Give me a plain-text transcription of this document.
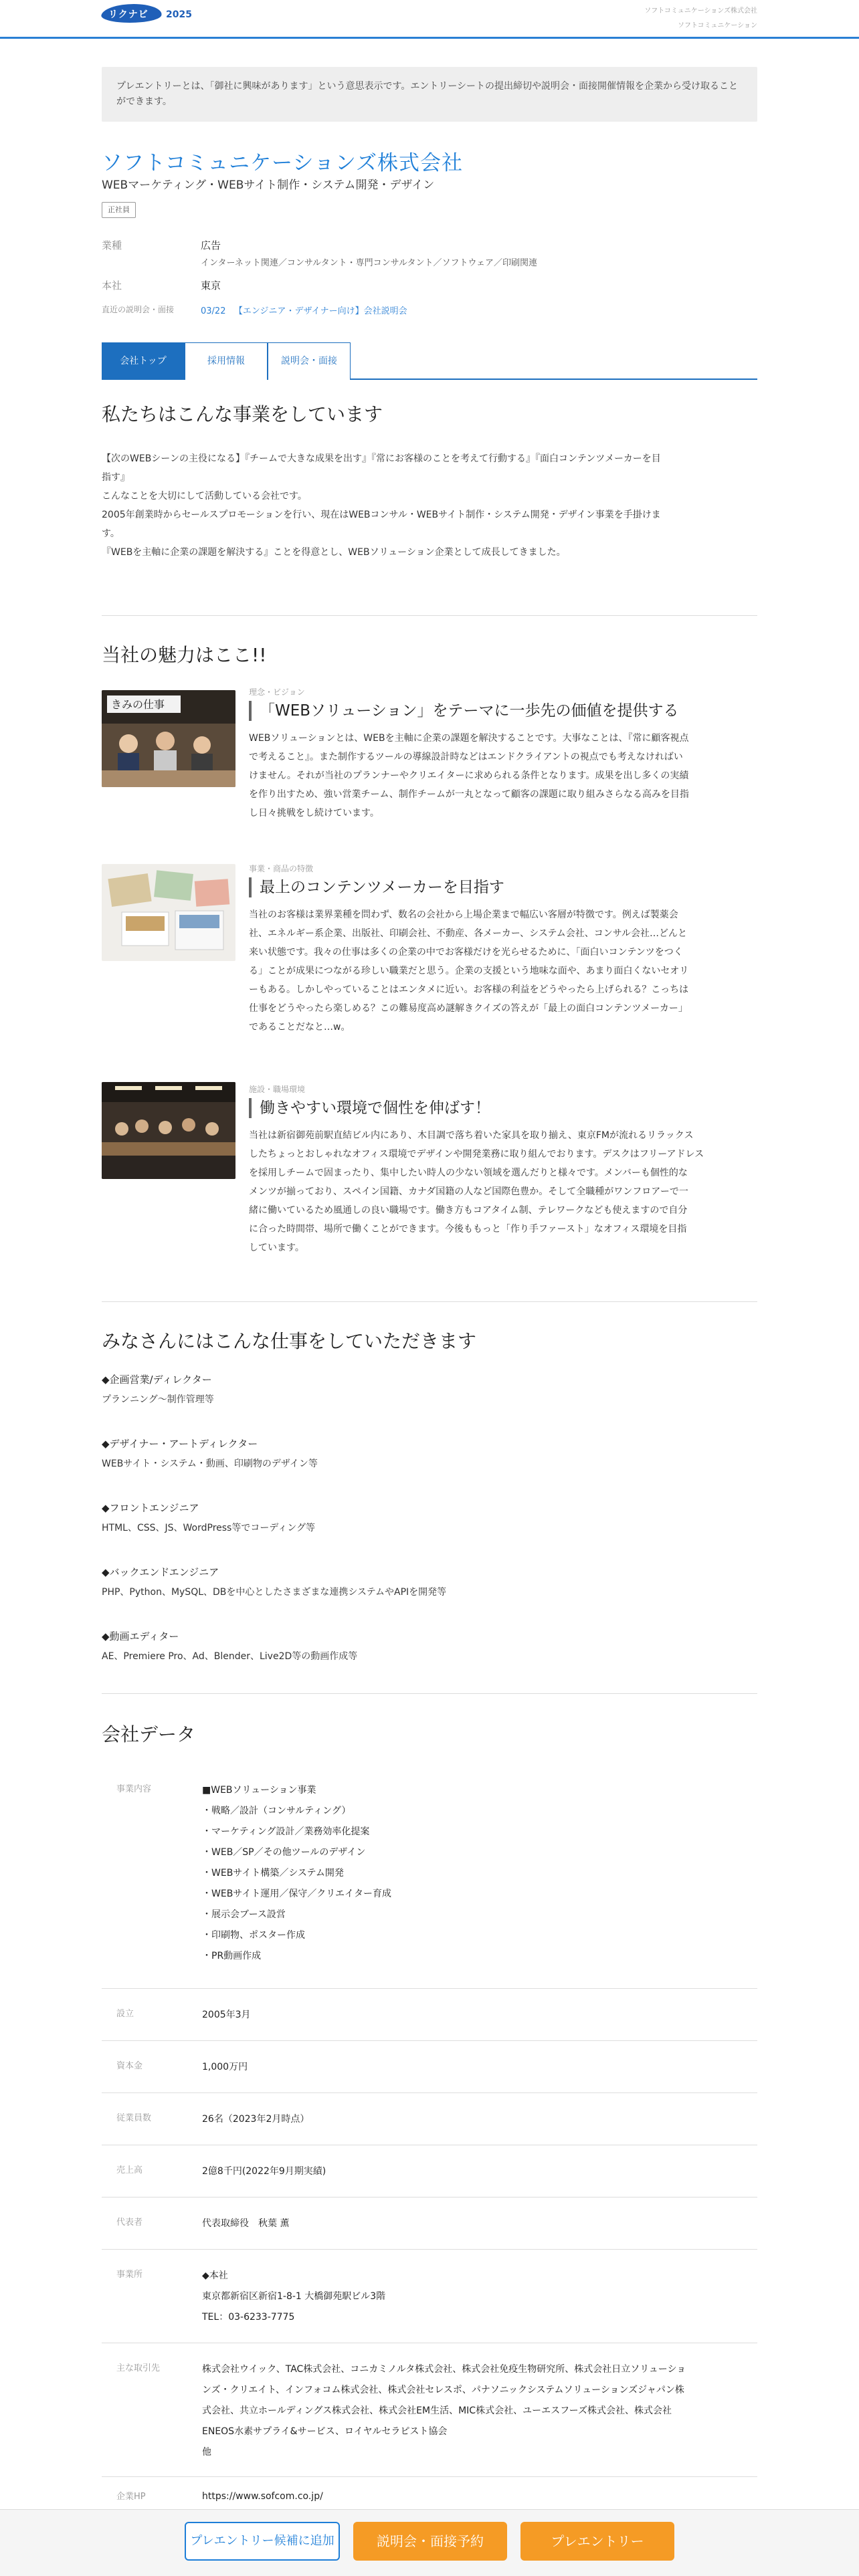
リクナビ 2025	ソフトコミュニケーションズ株式会社
ソフトコミュニケーション
プレエントリーとは、「御社に興味があります」という意思表示です。エントリーシートの提出締切や説明会・面接開催情報を企業から受け取ることができます。
ソフトコミュニケーションズ株式会社
WEBマーケティング・WEBサイト制作・システム開発・デザイン
正社員
業種	広告
インターネット関連／コンサルタント・専門コンサルタント／ソフトウェア／印刷関連
本社	東京
直近の説明会・面接	03/22 【エンジニア・デザイナー向け】会社説明会
会社トップ	採用情報	説明会・面接
私たちはこんな事業をしています
【次のWEBシーンの主役になる】『チームで大きな成果を出す』『常にお客様のことを考えて行動する』『面白コンテンツメーカーを目
指す』
こんなことを大切にして活動している会社です。
2005年創業時からセールスプロモーションを行い、現在はWEBコンサル・WEBサイト制作・システム開発・デザイン事業を手掛けま
す。
『WEBを主軸に企業の課題を解決する』ことを得意とし、WEBソリューション企業として成長してきました。
当社の魅力はここ!!
きみの仕事
理念・ビジョン
「WEBソリューション」をテーマに一歩先の価値を提供する
WEBソリューションとは、WEBを主軸に企業の課題を解決することです。大事なことは、『常に顧客視点
で考えること』。また制作するツールの導線設計時などはエンドクライアントの視点でも考えなければい
けません。それが当社のプランナーやクリエイターに求められる条件となります。成果を出し多くの実績
を作り出すため、強い営業チーム、制作チームが一丸となって顧客の課題に取り組みさらなる高みを目指
し日々挑戦をし続けています。
事業・商品の特徴
最上のコンテンツメーカーを目指す
当社のお客様は業界業種を問わず、数名の会社から上場企業まで幅広い客層が特徴です。例えば製薬会
社、エネルギー系企業、出版社、印刷会社、不動産、各メーカー、システム会社、コンサル会社…どんと
来い状態です。我々の仕事は多くの企業の中でお客様だけを光らせるために、「面白いコンテンツをつく
る」ことが成果につながる珍しい職業だと思う。企業の支援という地味な面や、あまり面白くないセオリ
ーもある。しかしやっていることはエンタメに近い。お客様の利益をどうやったら上げられる？こっちは
仕事をどうやったら楽しめる？この難易度高め謎解きクイズの答えが「最上の面白コンテンツメーカー」
であることだなと…w。
施設・職場環境
働きやすい環境で個性を伸ばす！
当社は新宿御苑前駅直結ビル内にあり、木目調で落ち着いた家具を取り揃え、東京FMが流れるリラックス
したちょっとおしゃれなオフィス環境でデザインや開発業務に取り組んでおります。デスクはフリーアドレス
を採用しチームで固まったり、集中したい時人の少ない領域を選んだりと様々です。メンバーも個性的な
メンツが揃っており、スペイン国籍、カナダ国籍の人など国際色豊か。そして全職種がワンフロアーで一
緒に働いているため風通しの良い職場です。働き方もコアタイム制、テレワークなども使えますので自分
に合った時間帯、場所で働くことができます。今後ももっと「作り手ファースト」なオフィス環境を目指
しています。
みなさんにはこんな仕事をしていただきます
◆企画営業/ディレクター
プランニング〜制作管理等
◆デザイナー・アートディレクター
WEBサイト・システム・動画、印刷物のデザイン等
◆フロントエンジニア
HTML、CSS、JS、WordPress等でコーディング等
◆バックエンドエンジニア
PHP、Python、MySQL、DBを中心としたさまざまな連携システムやAPIを開発等
◆動画エディター
AE、Premiere Pro、Ad、Blender、Live2D等の動画作成等
会社データ
事業内容	■WEBソリューション事業
・戦略／設計（コンサルティング）
・マーケティング設計／業務効率化提案
・WEB／SP／その他ツールのデザイン
・WEBサイト構築／システム開発
・WEBサイト運用／保守／クリエイター育成
・展示会ブース設営
・印刷物、ポスター作成
・PR動画作成
設立	2005年3月
資本金	1,000万円
従業員数	26名（2023年2月時点）
売上高	2億8千円(2022年9月期実績)
代表者	代表取締役　秋葉 薫
事業所	◆本社
東京都新宿区新宿1-8-1 大橋御苑駅ビル3階
TEL：03-6233-7775
主な取引先	株式会社ウイック、TAC株式会社、コニカミノルタ株式会社、株式会社免疫生物研究所、株式会社日立ソリューショ
ンズ・クリエイト、インフォコム株式会社、株式会社セレスポ、パナソニックシステムソリューションズジャパン株
式会社、共立ホールディングス株式会社、株式会社EM生活、MIC株式会社、ユーエスフーズ株式会社、株式会社
ENEOS水素サプライ&サービス、ロイヤルセラピスト協会
他
企業HP	https://www.sofcom.co.jp/
プレエントリー候補に追加	説明会・面接予約	プレエントリー
